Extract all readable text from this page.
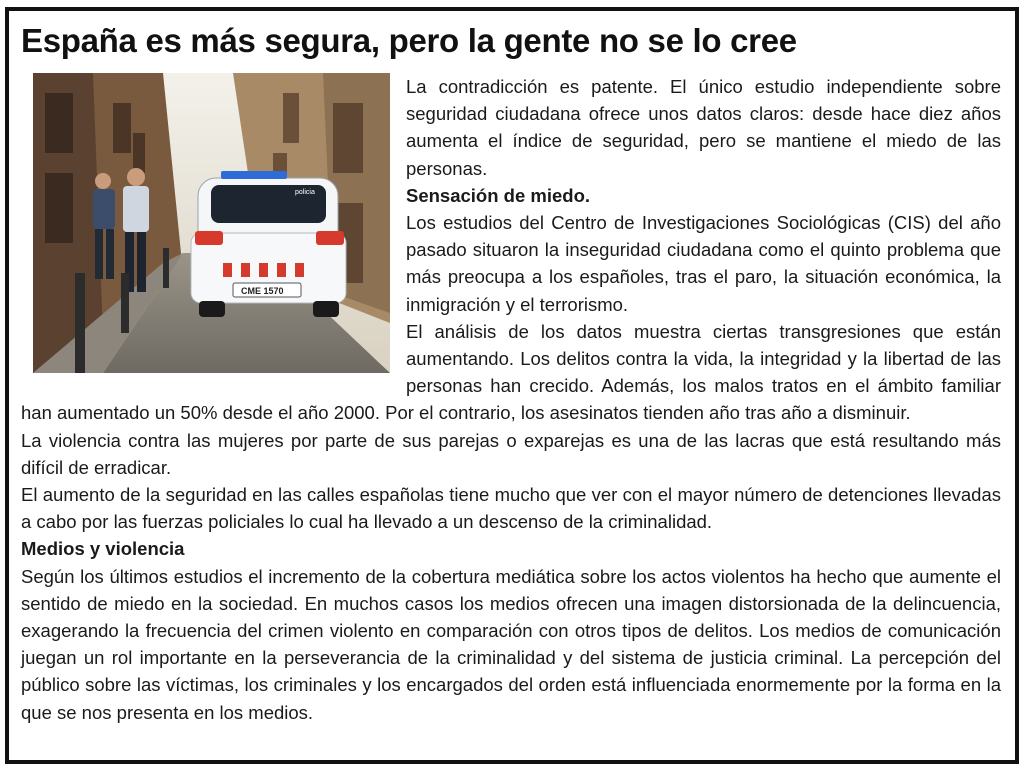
España es más segura, pero la gente no se lo cree
policia
CME 1570

La contradicción es patente. El único estudio independiente sobre seguridad ciudadana ofrece unos datos claros: desde hace diez años aumenta el índice de seguridad, pero se mantiene el miedo de las personas.

Sensación de miedo.

Los estudios del Centro de Investigaciones Sociológicas (CIS) del año pasado situaron la inseguridad ciudadana como el quinto problema que más preocupa a los españoles, tras el paro, la situación económica, la inmigración y el terrorismo.

El análisis de los datos muestra ciertas transgresiones que están aumentando. Los delitos contra la vida, la integridad y la libertad de las personas han crecido. Además, los malos tratos en el ámbito familiar han aumentado un 50% desde el año 2000. Por el contrario, los asesinatos tienden año tras año a disminuir.

La violencia contra las mujeres por parte de sus parejas o exparejas es una de las lacras que está resultando más difícil de erradicar.

El aumento de la seguridad en las calles españolas tiene mucho que ver con el mayor número de detenciones llevadas a cabo por las fuerzas policiales lo cual ha llevado a un descenso de la criminalidad.

Medios y violencia

Según los últimos estudios el incremento de la cobertura mediática sobre los actos violentos ha hecho que aumente el sentido de miedo en la sociedad. En muchos casos los medios ofrecen una imagen distorsionada de la delincuencia, exagerando la frecuencia del crimen violento en comparación con otros tipos de delitos. Los medios de comunicación juegan un rol importante en la perseverancia de la criminalidad y del sistema de justicia criminal. La percepción del público sobre las víctimas, los criminales y los encargados del orden está influenciada enormemente por la forma en la que se nos presenta en los medios.
